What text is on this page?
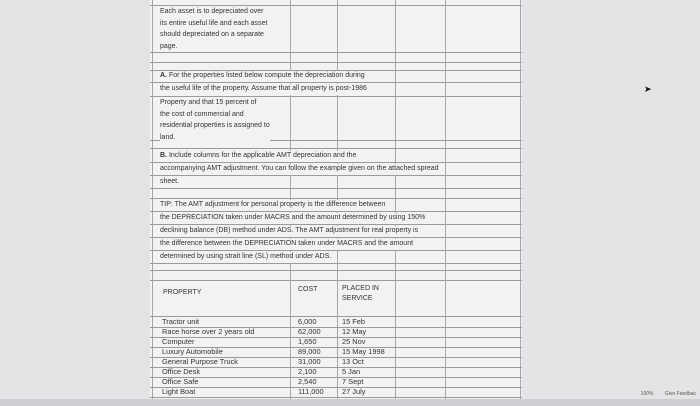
Each asset is to depreciated over
its entire useful life and each asset
should depreciated on a separate
page.
A. For the properties listed below compute the depreciation during
the useful life of the property. Assume that all property is post-1986
Property and that 15 percent of
the cost of commercial and
residential properties is assigned to
land.
B. Include columns for the applicable AMT depreciation and the
accompanying AMT adjustment. You can follow the example given on the attached spread
sheet.
TIP: The AMT adjustment for personal property is the difference between
the DEPRECIATION taken under MACRS and the amount determined by using 150%
declining balance (DB) method under ADS. The AMT adjustment for real property is
the difference between the DEPRECIATION taken under MACRS and the amount
determined by using strait line (SL) method under ADS.
PROPERTY	COST	PLACED IN
SERVICE
Tractor unit	6,000	15 Feb
Race horse over 2 years old	62,000	12 May
Computer	1,650	25 Nov
Luxury Automobile	89,000	15 May 1998
General Purpose Truck	31,000	13 Oct
Office Desk	2,100	5 Jan
Office Safe	2,540	7 Sept
Light Boat	111,000 27 July
➤
100% Give Feedbac
